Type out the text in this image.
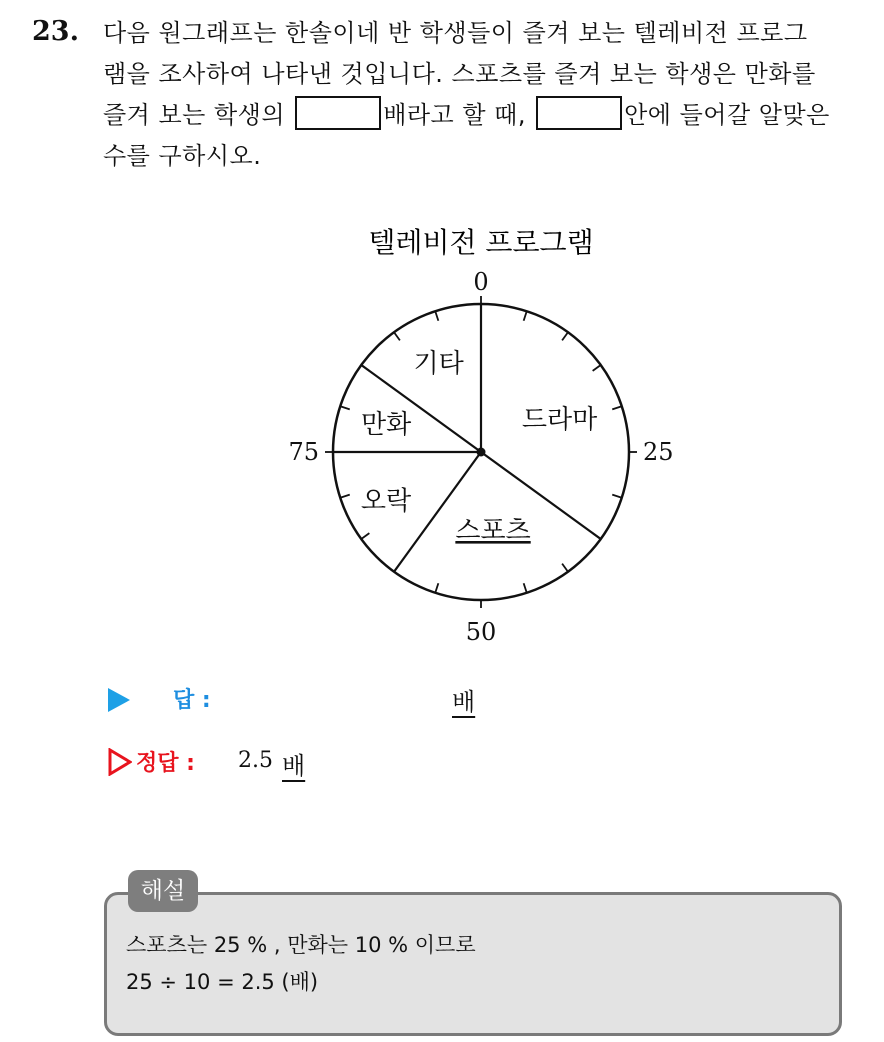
23. 다음 원그래프는 한솔이네 반 학생들이 즐겨 보는 텔레비전 프로그
램을 조사하여 나타낸 것입니다. 스포츠를 즐겨 보는 학생은 만화를
즐겨 보는 학생의	배라고 할 때,	안에 들어갈 알맞은
수를 구하시오.
텔레비전 프로그램
0
25
50
75
드라마
스포츠
오락
만화
기타
답 :	배
정답 : 2.5 배
해설
스포츠는 25 % , 만화는 10 % 이므로
25 ÷ 10 = 2.5 (배)
